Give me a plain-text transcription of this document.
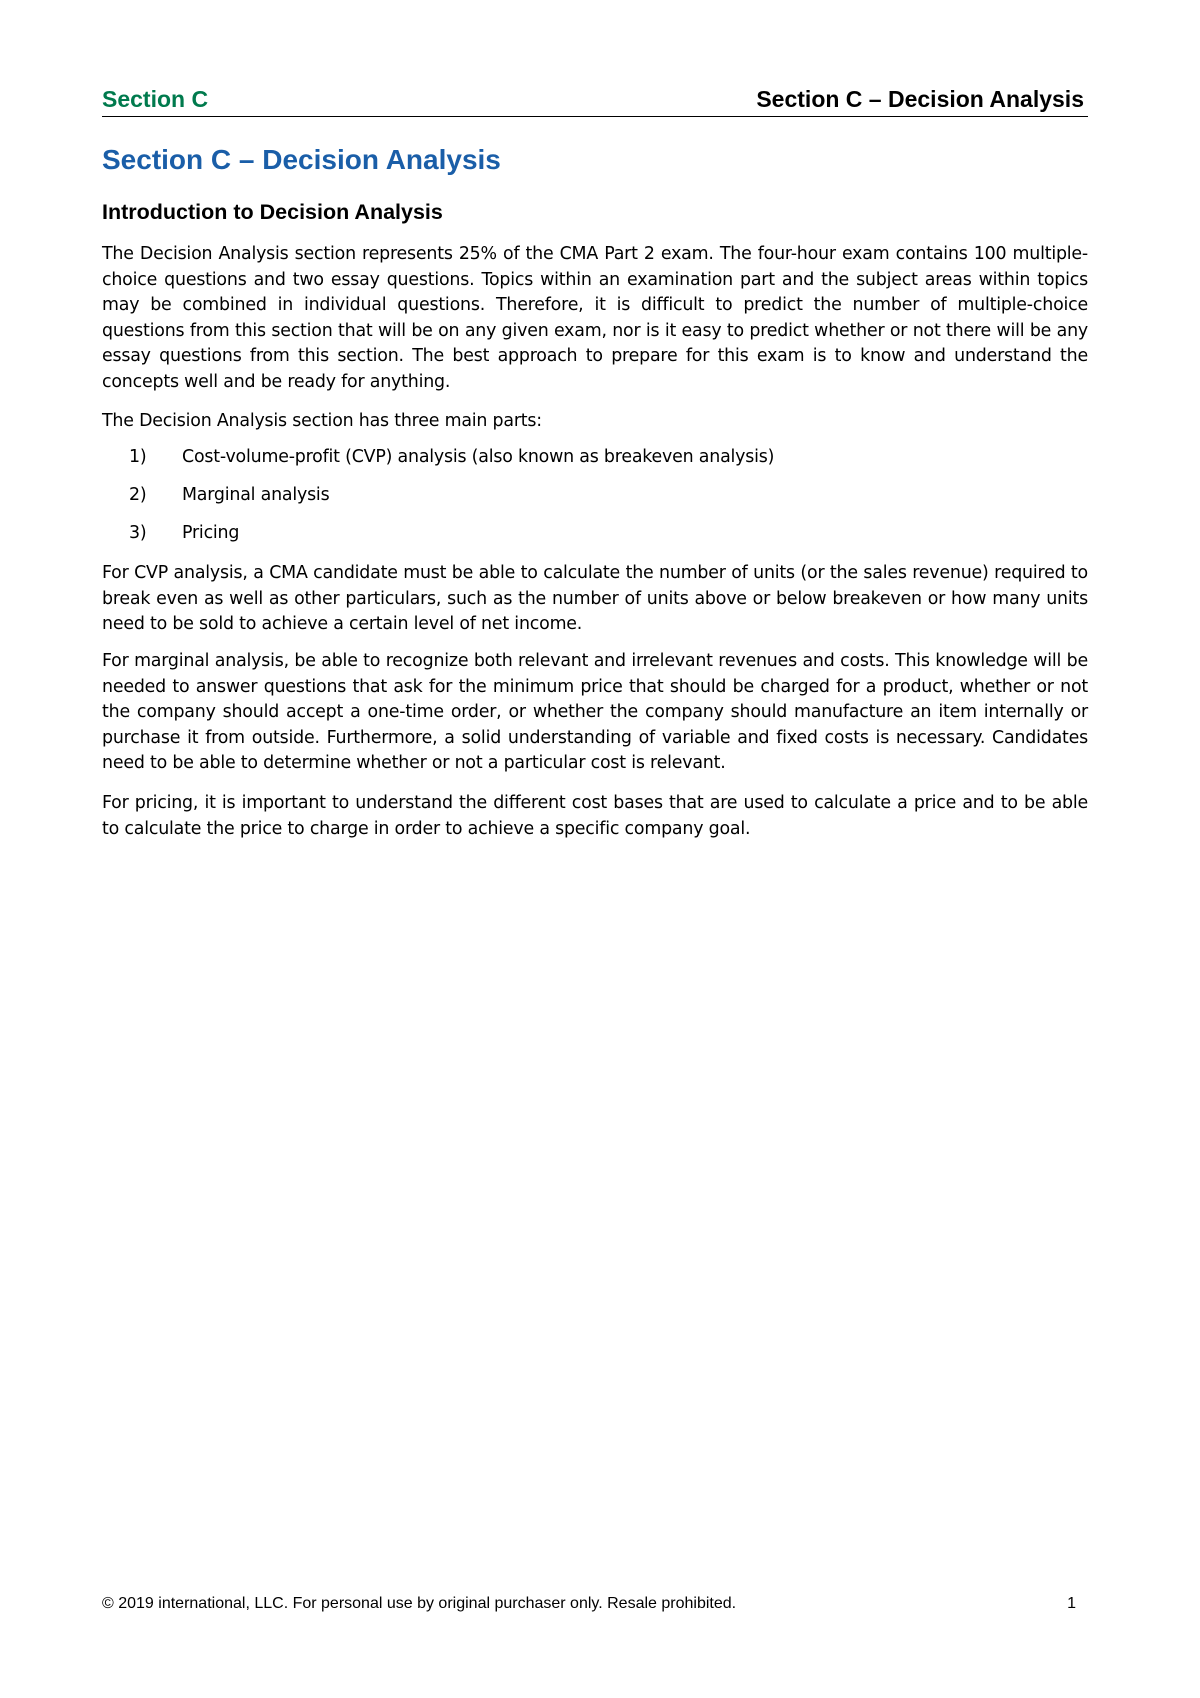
Section C	Section C – Decision Analysis
Section C – Decision Analysis
Introduction to Decision Analysis

The Decision Analysis section represents 25% of the CMA Part 2 exam. The four-hour exam contains 100 multiple-choice questions and two essay questions. Topics within an examination part and the subject areas within topics may be combined in individual questions. Therefore, it is difficult to predict the number of multiple-choice questions from this section that will be on any given exam, nor is it easy to predict whether or not there will be any essay questions from this section. The best approach to prepare for this exam is to know and understand the concepts well and be ready for anything.

The Decision Analysis section has three main parts:

1) Cost-volume-profit (CVP) analysis (also known as breakeven analysis)
2) Marginal analysis
3) Pricing

For CVP analysis, a CMA candidate must be able to calculate the number of units (or the sales revenue) required to break even as well as other particulars, such as the number of units above or below breakeven or how many units need to be sold to achieve a certain level of net income.

For marginal analysis, be able to recognize both relevant and irrelevant revenues and costs. This knowledge will be needed to answer questions that ask for the minimum price that should be charged for a product, whether or not the company should accept a one-time order, or whether the company should manufacture an item internally or purchase it from outside. Furthermore, a solid understanding of variable and fixed costs is necessary. Candidates need to be able to determine whether or not a particular cost is relevant.

For pricing, it is important to understand the different cost bases that are used to calculate a price and to be able to calculate the price to charge in order to achieve a specific company goal.

© 2019 international, LLC. For personal use by original purchaser only. Resale prohibited.	1
